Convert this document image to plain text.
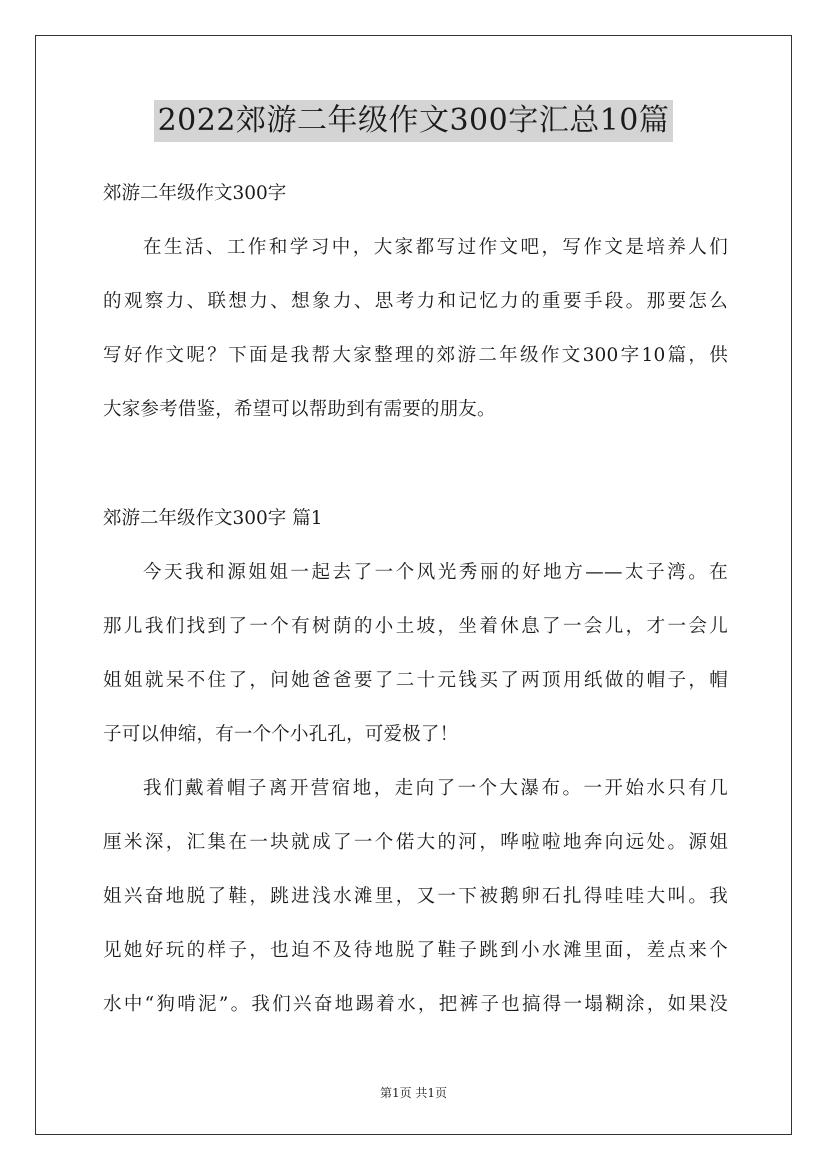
2022郊游二年级作文300字汇总10篇
郊游二年级作文300字
在生活、工作和学习中，大家都写过作文吧，写作文是培养人们
的观察力、联想力、想象力、思考力和记忆力的重要手段。那要怎么
写好作文呢？下面是我帮大家整理的郊游二年级作文300字10篇，供
大家参考借鉴，希望可以帮助到有需要的朋友。
郊游二年级作文300字 篇1
今天我和源姐姐一起去了一个风光秀丽的好地方——太子湾。在
那儿我们找到了一个有树荫的小土坡，坐着休息了一会儿，才一会儿
姐姐就呆不住了，问她爸爸要了二十元钱买了两顶用纸做的帽子，帽
子可以伸缩，有一个个小孔孔，可爱极了！
我们戴着帽子离开营宿地，走向了一个大瀑布。一开始水只有几
厘米深，汇集在一块就成了一个偌大的河，哗啦啦地奔向远处。源姐
姐兴奋地脱了鞋，跳进浅水滩里，又一下被鹅卵石扎得哇哇大叫。我
见她好玩的样子，也迫不及待地脱了鞋子跳到小水滩里面，差点来个
水中“狗啃泥”。我们兴奋地踢着水，把裤子也搞得一塌糊涂，如果没
第1页 共1页
